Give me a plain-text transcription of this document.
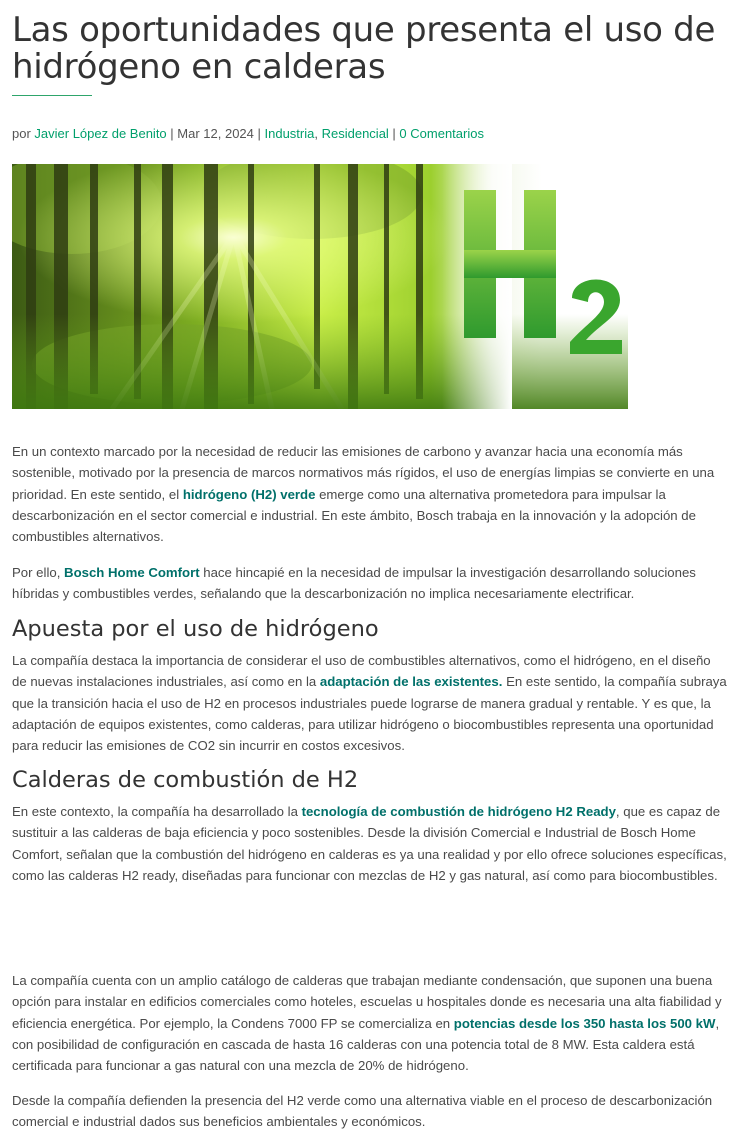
Las oportunidades que presenta el uso de hidrógeno en calderas
por Javier López de Benito | Mar 12, 2024 | Industria, Residencial | 0 Comentarios

En un contexto marcado por la necesidad de reducir las emisiones de carbono y avanzar hacia una economía más sostenible, motivado por la presencia de marcos normativos más rígidos, el uso de energías limpias se convierte en una prioridad. En este sentido, el hidrógeno (H2) verde emerge como una alternativa prometedora para impulsar la descarbonización en el sector comercial e industrial. En este ámbito, Bosch trabaja en la innovación y la adopción de combustibles alternativos.

Por ello, Bosch Home Comfort hace hincapié en la necesidad de impulsar la investigación desarrollando soluciones híbridas y combustibles verdes, señalando que la descarbonización no implica necesariamente electrificar.

Apuesta por el uso de hidrógeno

La compañía destaca la importancia de considerar el uso de combustibles alternativos, como el hidrógeno, en el diseño de nuevas instalaciones industriales, así como en la adaptación de las existentes. En este sentido, la compañía subraya que la transición hacia el uso de H2 en procesos industriales puede lograrse de manera gradual y rentable. Y es que, la adaptación de equipos existentes, como calderas, para utilizar hidrógeno o biocombustibles representa una oportunidad para reducir las emisiones de CO2 sin incurrir en costos excesivos.

Calderas de combustión de H2

En este contexto, la compañía ha desarrollado la tecnología de combustión de hidrógeno H2 Ready, que es capaz de sustituir a las calderas de baja eficiencia y poco sostenibles. Desde la división Comercial e Industrial de Bosch Home Comfort, señalan que la combustión del hidrógeno en calderas es ya una realidad y por ello ofrece soluciones específicas, como las calderas H2 ready, diseñadas para funcionar con mezclas de H2 y gas natural, así como para biocombustibles.

La compañía cuenta con un amplio catálogo de calderas que trabajan mediante condensación, que suponen una buena opción para instalar en edificios comerciales como hoteles, escuelas u hospitales donde es necesaria una alta fiabilidad y eficiencia energética. Por ejemplo, la Condens 7000 FP se comercializa en potencias desde los 350 hasta los 500 kW, con posibilidad de configuración en cascada de hasta 16 calderas con una potencia total de 8 MW. Esta caldera está certificada para funcionar a gas natural con una mezcla de 20% de hidrógeno.

Desde la compañía defienden la presencia del H2 verde como una alternativa viable en el proceso de descarbonización comercial e industrial dados sus beneficios ambientales y económicos.
